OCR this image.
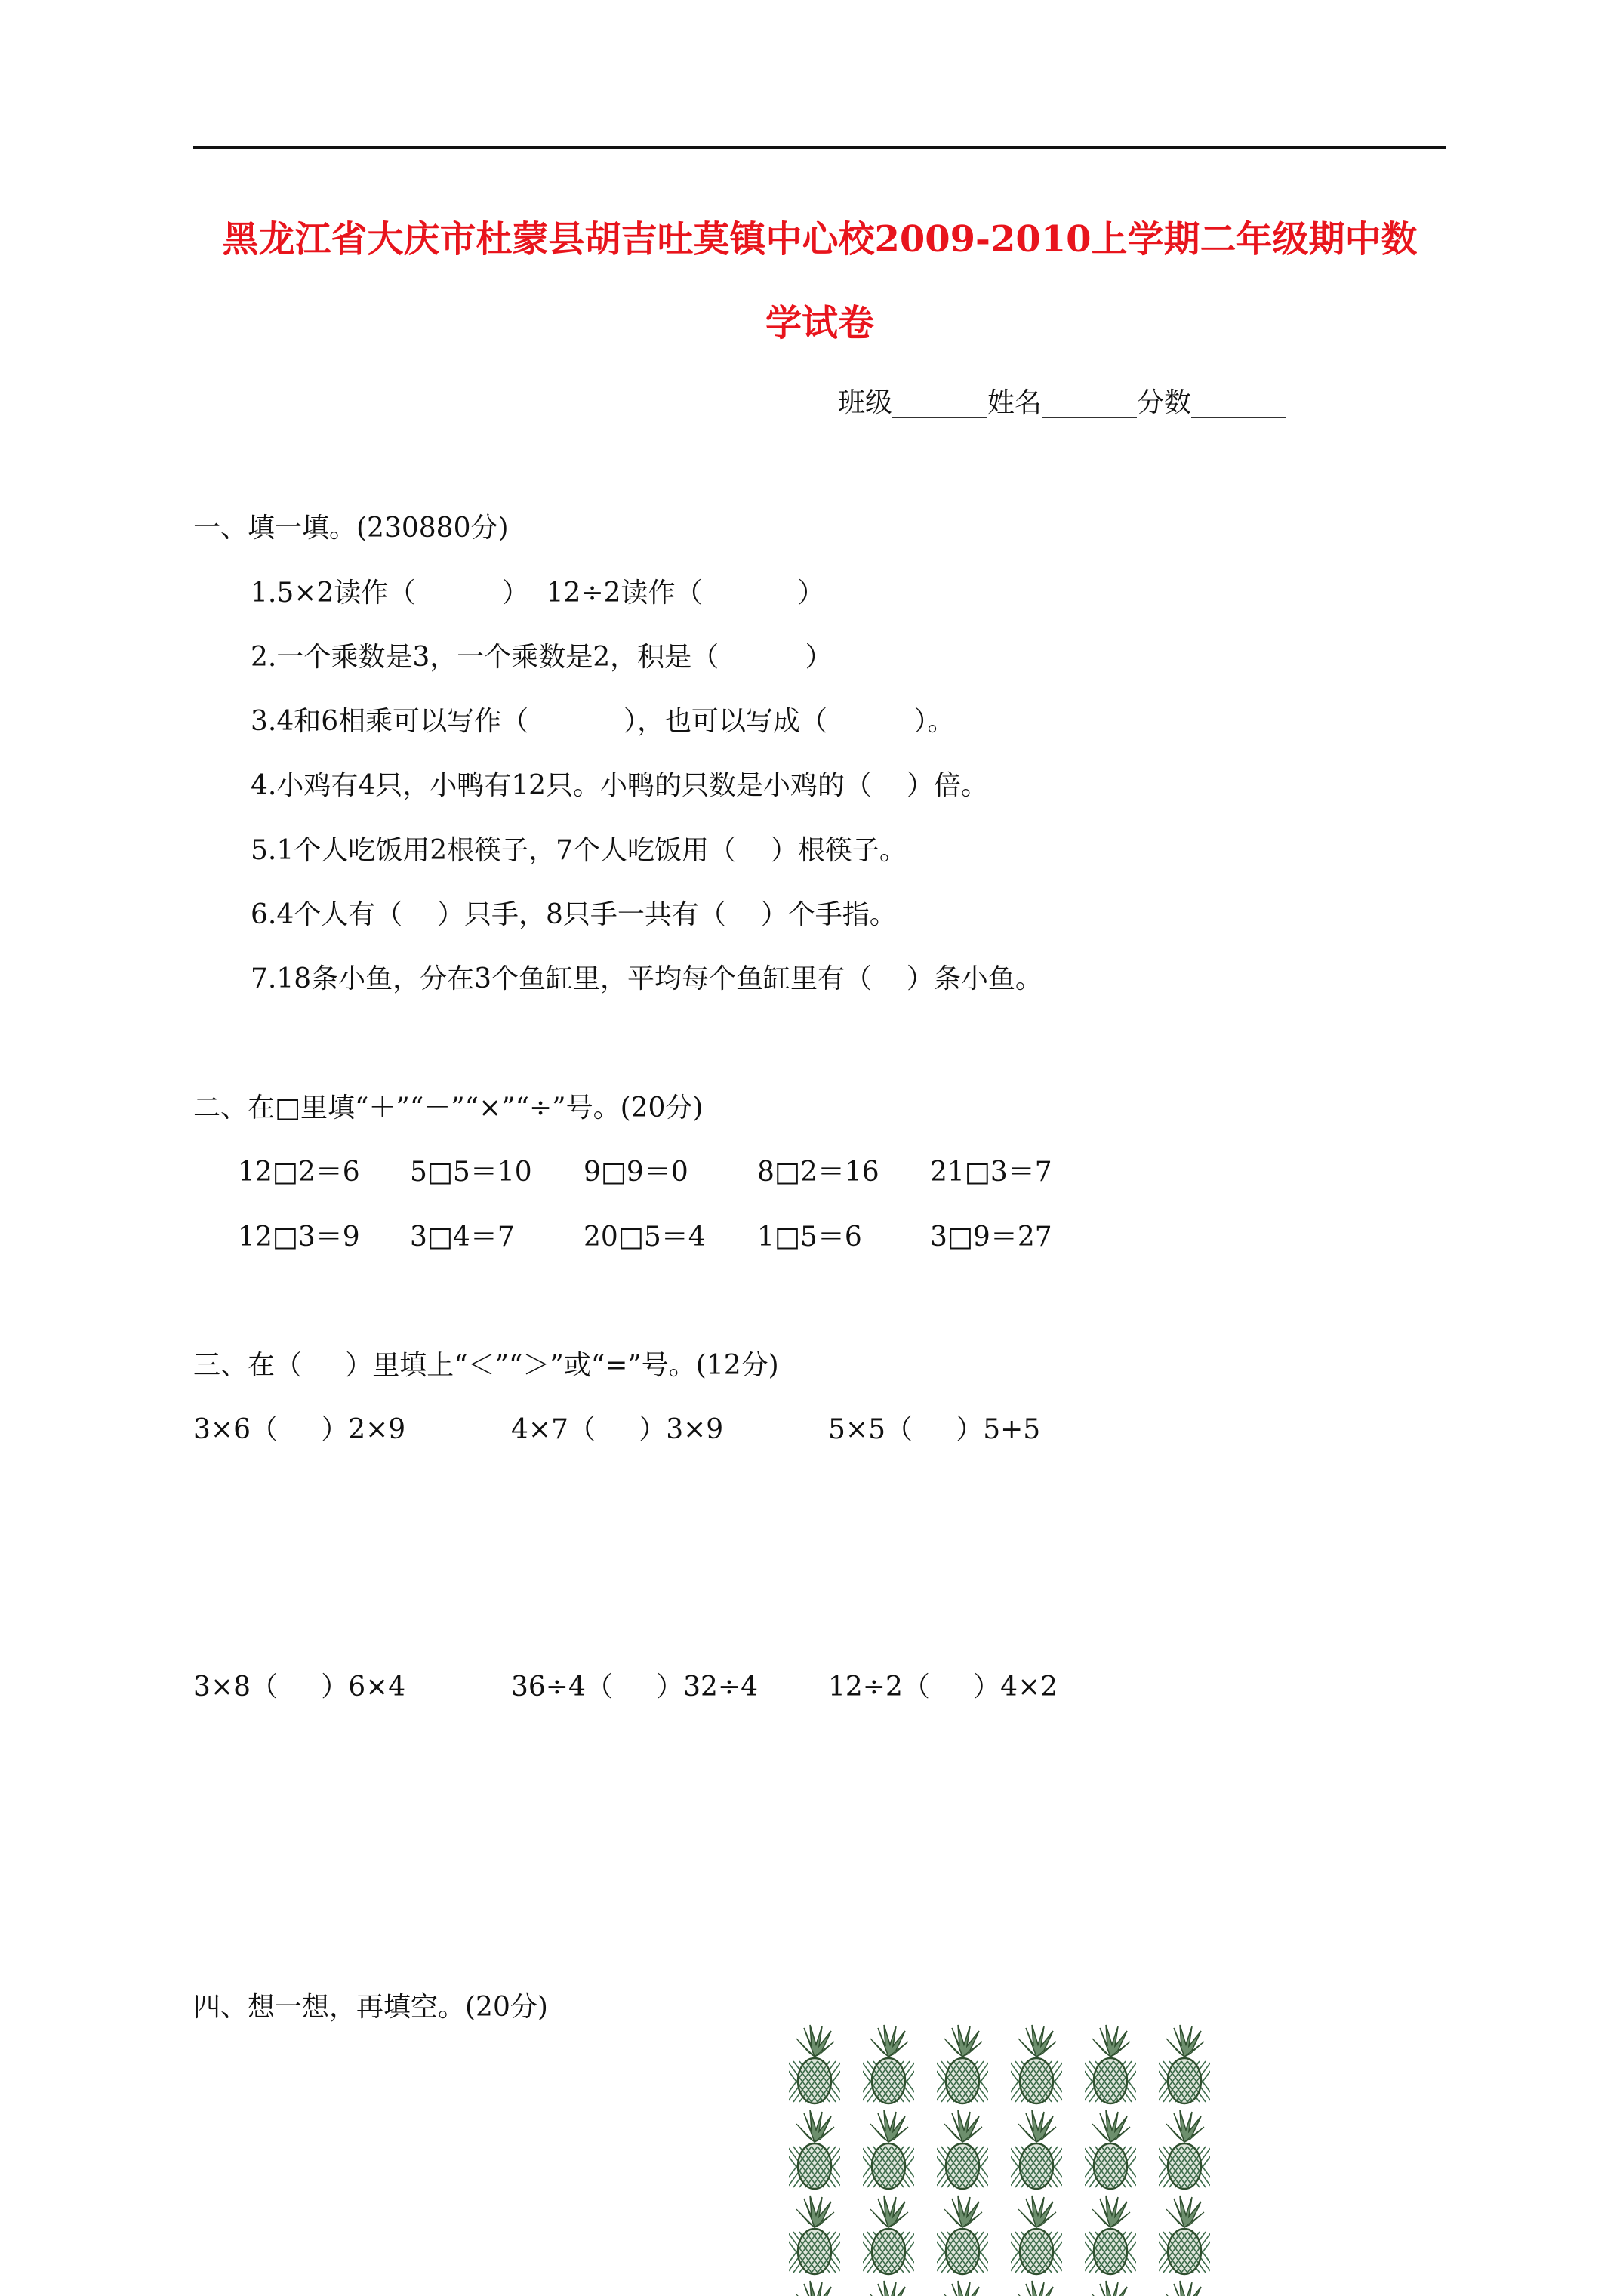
黑龙江省大庆市杜蒙县胡吉吐莫镇中心校2009-2010上学期二年级期中数
学试卷
班级_______姓名_______分数_______
一、填一填。(230880分)
1.5×2读作（          ）  12÷2读作（           ）
2.一个乘数是3，一个乘数是2，积是（          ）
3.4和6相乘可以写作（           ），也可以写成（          ）。
4.小鸡有4只，小鸭有12只。小鸭的只数是小鸡的（    ）倍。
5.1个人吃饭用2根筷子，7个人吃饭用（    ）根筷子。
6.4个人有（    ）只手，8只手一共有（    ）个手指。
7.18条小鱼，分在3个鱼缸里，平均每个鱼缸里有（    ）条小鱼。
二、在□里填“＋”“－”“×”“÷”号。(20分)
12□2＝6 5□5＝10 9□9＝0	8□2＝16 21□3＝7
12□3＝9 3□4＝7	20□5＝4 1□5＝6	3□9＝27
三、在（     ）里填上“＜”“＞”或“=”号。(12分)
3×6（     ）2×9	4×7（     ）3×9	5×5（     ）5+5
3×8（     ）6×4	36÷4（     ）32÷4	12÷2（     ）4×2
四、想一想，再填空。(20分)
